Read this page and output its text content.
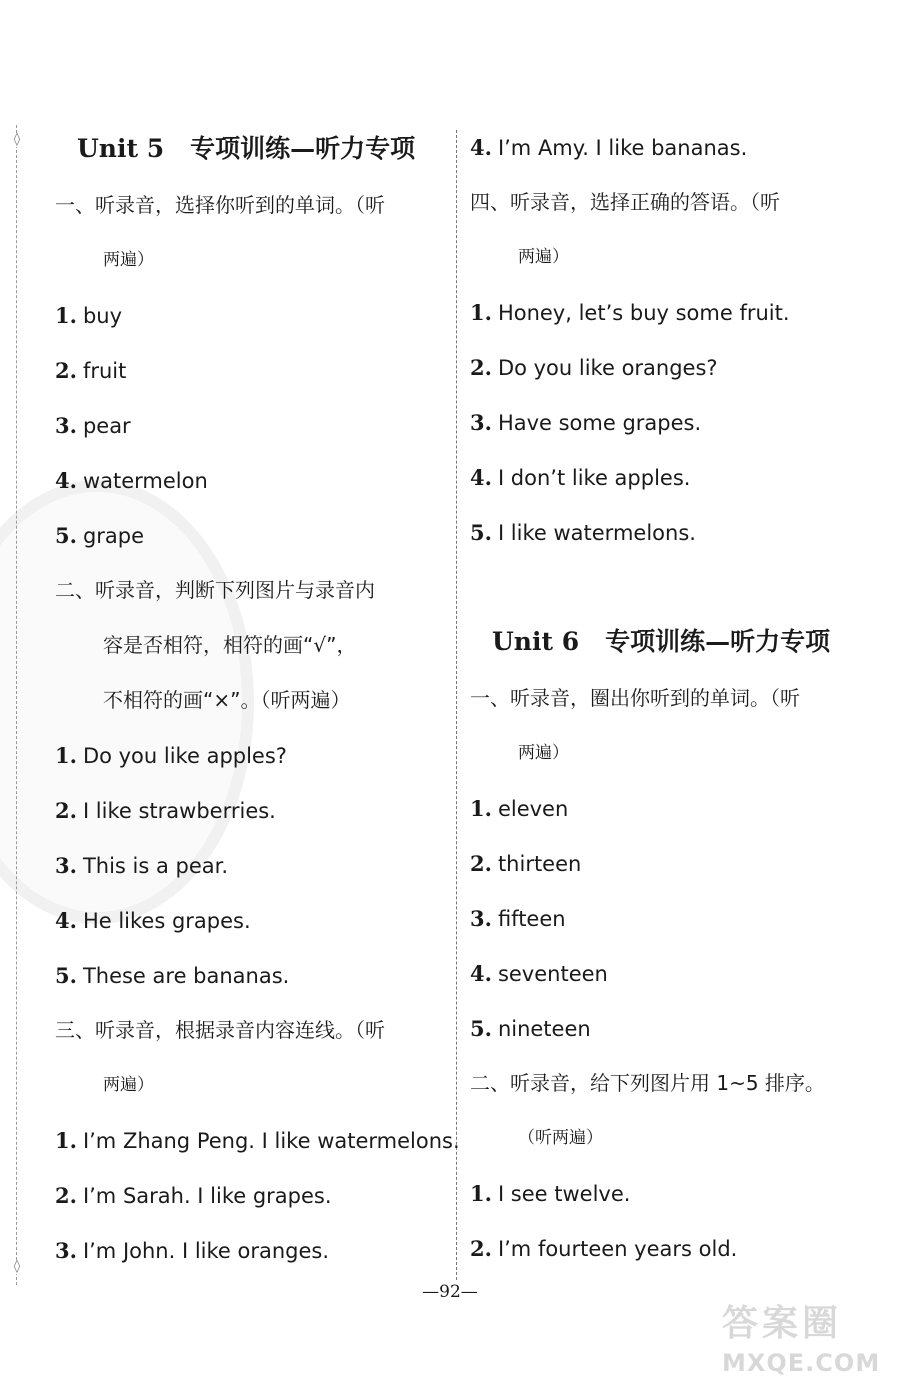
◊
◊
Unit 5 专项训练—听力专项
一、听录音，选择你听到的单词。（听
两遍）
1. buy
2. fruit
3. pear
4. watermelon
5. grape
二、听录音，判断下列图片与录音内
容是否相符，相符的画“√”，
不相符的画“×”。（听两遍）
1. Do you like apples?
2. I like strawberries.
3. This is a pear.
4. He likes grapes.
5. These are bananas.
三、听录音，根据录音内容连线。（听
两遍）
1. I’m Zhang Peng. I like watermelons.
2. I’m Sarah. I like grapes.
3. I’m John. I like oranges.
4. I’m Amy. I like bananas.
四、听录音，选择正确的答语。（听
两遍）
1. Honey, let’s buy some fruit.
2. Do you like oranges?
3. Have some grapes.
4. I don’t like apples.
5. I like watermelons.
Unit 6 专项训练—听力专项
一、听录音，圈出你听到的单词。（听
两遍）
1. eleven
2. thirteen
3. fifteen
4. seventeen
5. nineteen
二、听录音，给下列图片用 1~5 排序。
（听两遍）
1. I see twelve.
2. I’m fourteen years old.
—92—
答案圈
MXQE.COM
